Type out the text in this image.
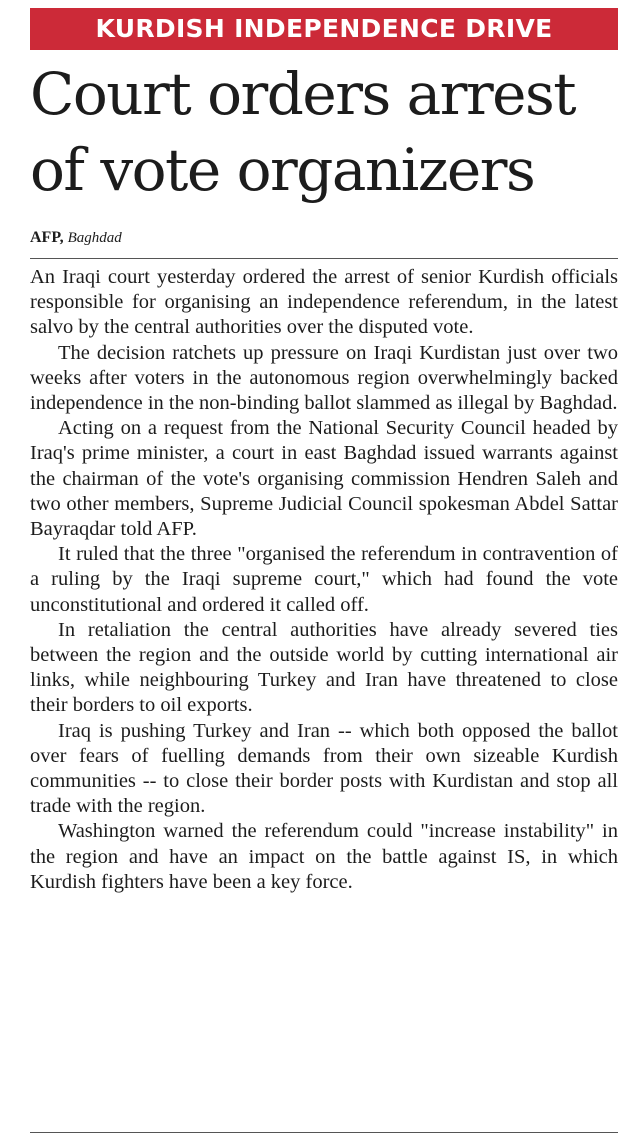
KURDISH INDEPENDENCE DRIVE
Court orders arrest
of vote organizers
AFP, Baghdad

An Iraqi court yesterday ordered the arrest of senior Kurdish officials responsible for organising an independence referendum, in the latest salvo by the central authorities over the disputed vote.

The decision ratchets up pressure on Iraqi Kurdistan just over two weeks after voters in the autonomous region overwhelmingly backed independence in the non-binding ballot slammed as illegal by Baghdad.

Acting on a request from the National Security Council headed by Iraq's prime minister, a court in east Baghdad issued warrants against the chairman of the vote's organising commission Hendren Saleh and two other members, Supreme Judicial Council spokesman Abdel Sattar Bayraqdar told AFP.

It ruled that the three "organised the referendum in contravention of a ruling by the Iraqi supreme court," which had found the vote unconstitutional and ordered it called off.

In retaliation the central authorities have already severed ties between the region and the outside world by cutting international air links, while neighbouring Turkey and Iran have threatened to close their borders to oil exports.

Iraq is pushing Turkey and Iran -- which both opposed the ballot over fears of fuelling demands from their own sizeable Kurdish communities -- to close their border posts with Kurdistan and stop all trade with the region.

Washington warned the referendum could "increase instability" in the region and have an impact on the battle against IS, in which Kurdish fighters have been a key force.
